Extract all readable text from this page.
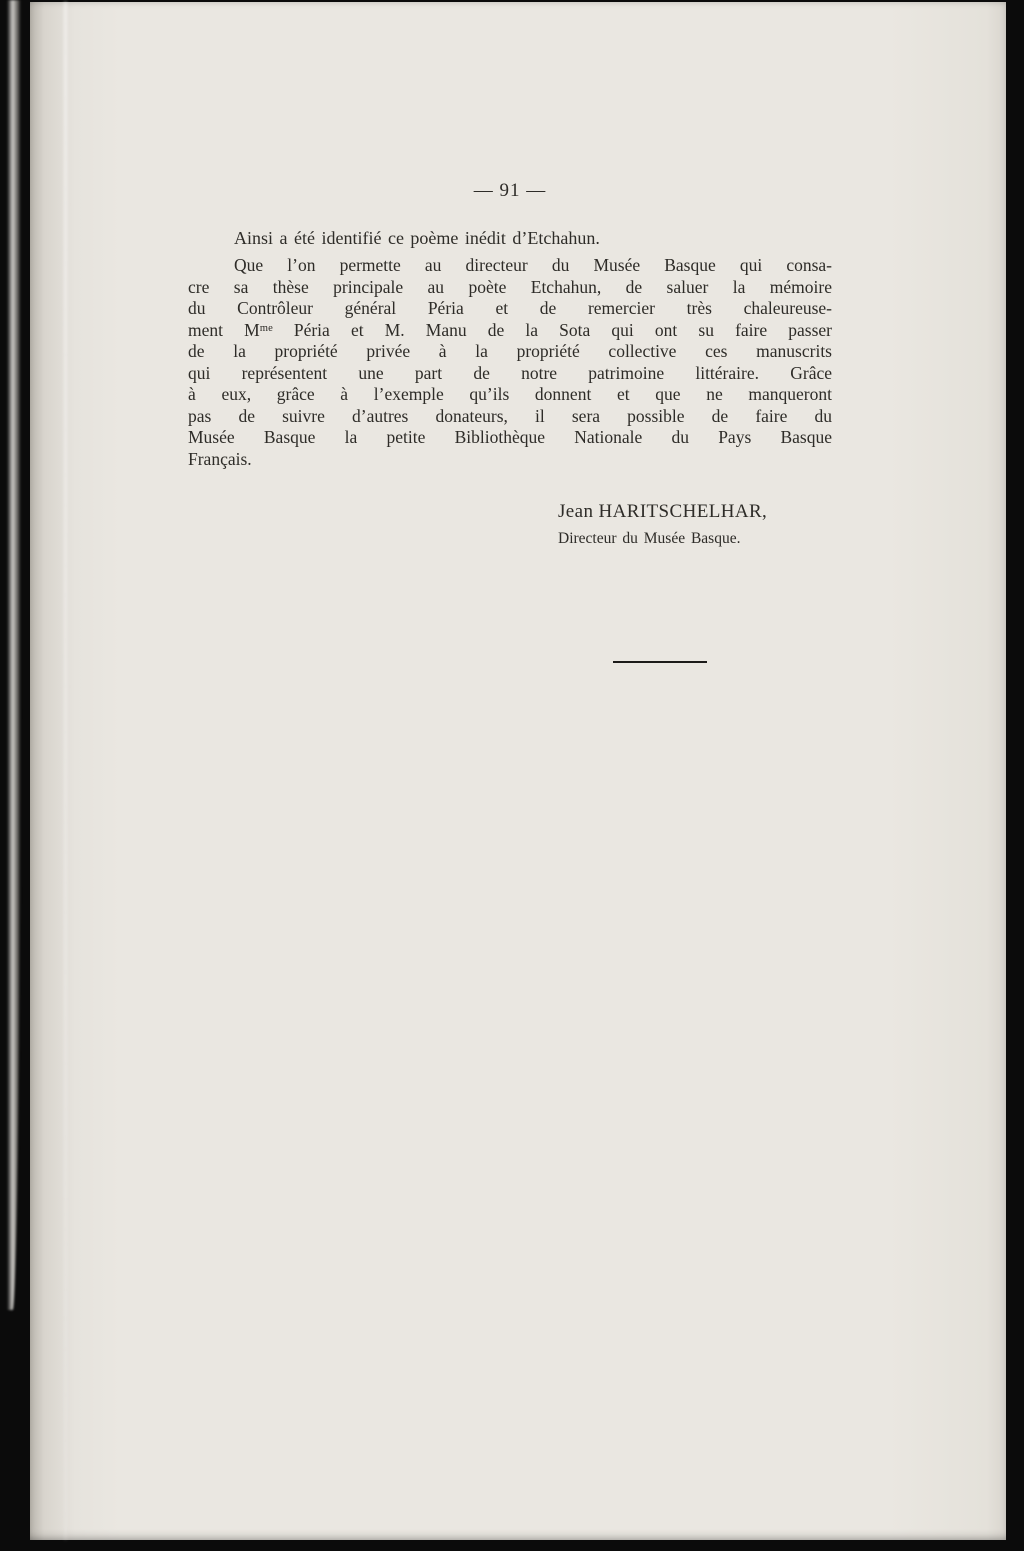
— 91 —

Ainsi a été identifié ce poème inédit d’Etchahun.

Que l’on permette au directeur du Musée Basque qui consa-
cre sa thèse principale au poète Etchahun, de saluer la mémoire
du Contrôleur général Péria et de remercier très chaleureuse-
ment Mᵐᵉ Péria et M. Manu de la Sota qui ont su faire passer
de la propriété privée à la propriété collective ces manuscrits
qui représentent une part de notre patrimoine littéraire. Grâce
à eux, grâce à l’exemple qu’ils donnent et que ne manqueront
pas de suivre d’autres donateurs, il sera possible de faire du
Musée Basque la petite Bibliothèque Nationale du Pays Basque
Français.
Jean HARITSCHELHAR,
Directeur du Musée Basque.
